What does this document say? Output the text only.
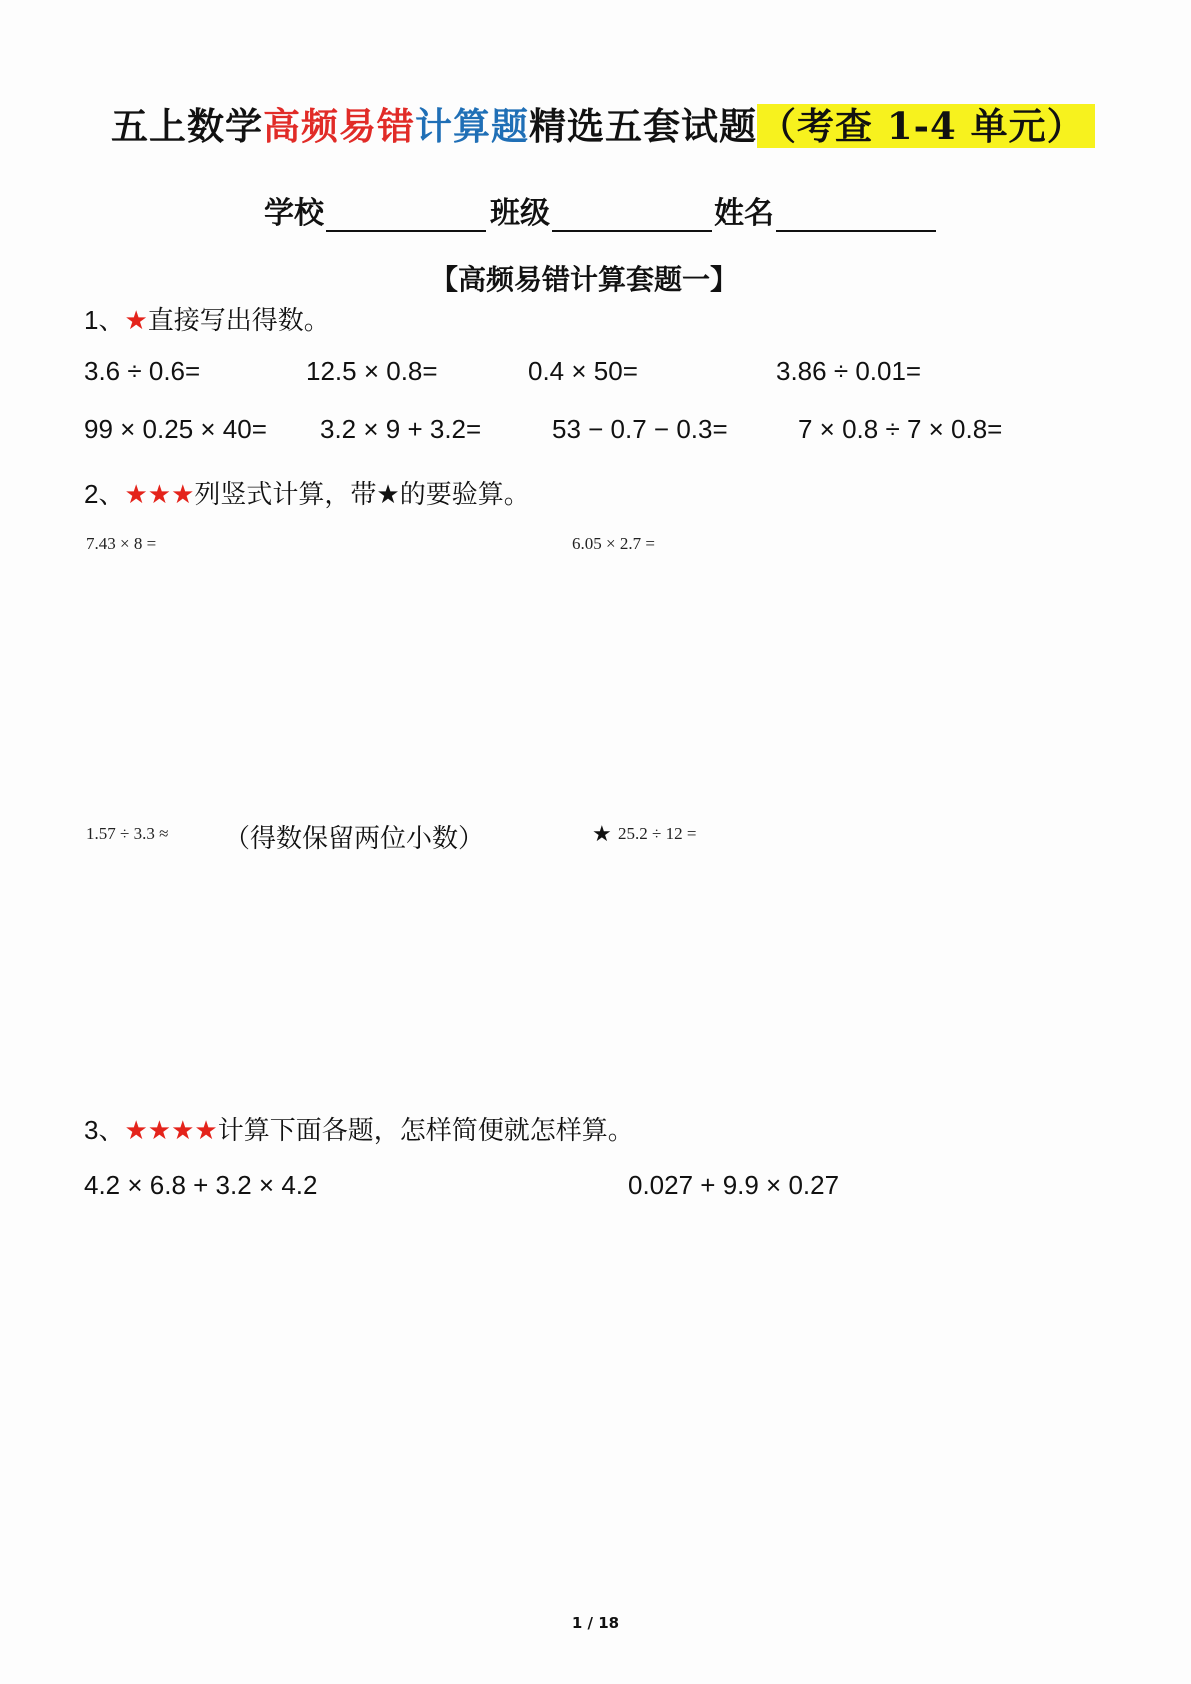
五上数学高频易错计算题精选五套试题（考查 1-4 单元）
学校	班级	姓名
【高频易错计算套题一】
1、★直接写出得数。
3.6 ÷ 0.6=	12.5 × 0.8=	0.4 × 50=	3.86 ÷ 0.01=
99 × 0.25 × 40= 3.2 × 9 + 3.2=	53 − 0.7 − 0.3=	7 × 0.8 ÷ 7 × 0.8=
2、★★★列竖式计算，带★的要验算。
7.43 × 8 =	6.05 × 2.7 =
1.57 ÷ 3.3 ≈ （得数保留两位小数）	★ 25.2 ÷ 12 =
3、★★★★计算下面各题，怎样简便就怎样算。
4.2 × 6.8 + 3.2 × 4.2	0.027 + 9.9 × 0.27
1 / 18
